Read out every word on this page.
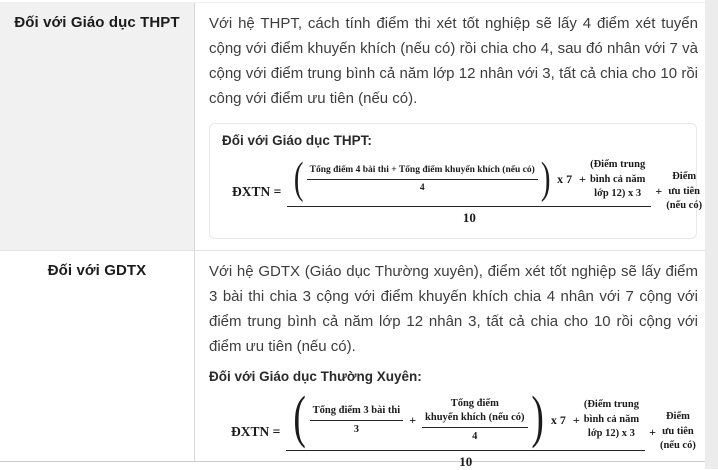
Đối với Giáo dục THPT	Với hệ THPT, cách tính điểm thi xét tốt nghiệp sẽ lấy 4 điểm xét tuyển cộng với điểm khuyến khích (nếu có) rồi chia cho 4, sau đó nhân với 7 và cộng với điểm trung bình cả năm lớp 12 nhân với 3, tất cả chia cho 10 rồi công với điểm ưu tiên (nếu có).

Đối với Giáo dục THPT:
ĐXTN = ( $\frac{\text{Tổng điểm 4 bài thi + Tổng điểm khuyến khích (nếu có)}}{4}$ ) x 7 +
(Điểm trung
bình cả năm
lớp 12) x 3
10
+
Điểm
ưu tiên
(nếu có)
Đối với GDTX	Với hệ GDTX (Giáo dục Thường xuyên), điểm xét tốt nghiệp sẽ lấy điểm 3 bài thi chia 3 cộng với điểm khuyến khích chia 4 nhân với 7 cộng với điểm trung bình cả năm lớp 12 nhân 3, tất cả chia cho 10 rồi cộng với điểm ưu tiên (nếu có).

Đối với Giáo dục Thường Xuyên:
ĐXTN = ( $\frac{\text{Tổng điểm 3 bài thi}}{3}$ + Tổng điểm
khuyến khích (nếu có)
4 ) x 7 +
(Điểm trung
bình cả năm
lớp 12) x 3
10
+
Điểm
ưu tiên
(nếu có)
